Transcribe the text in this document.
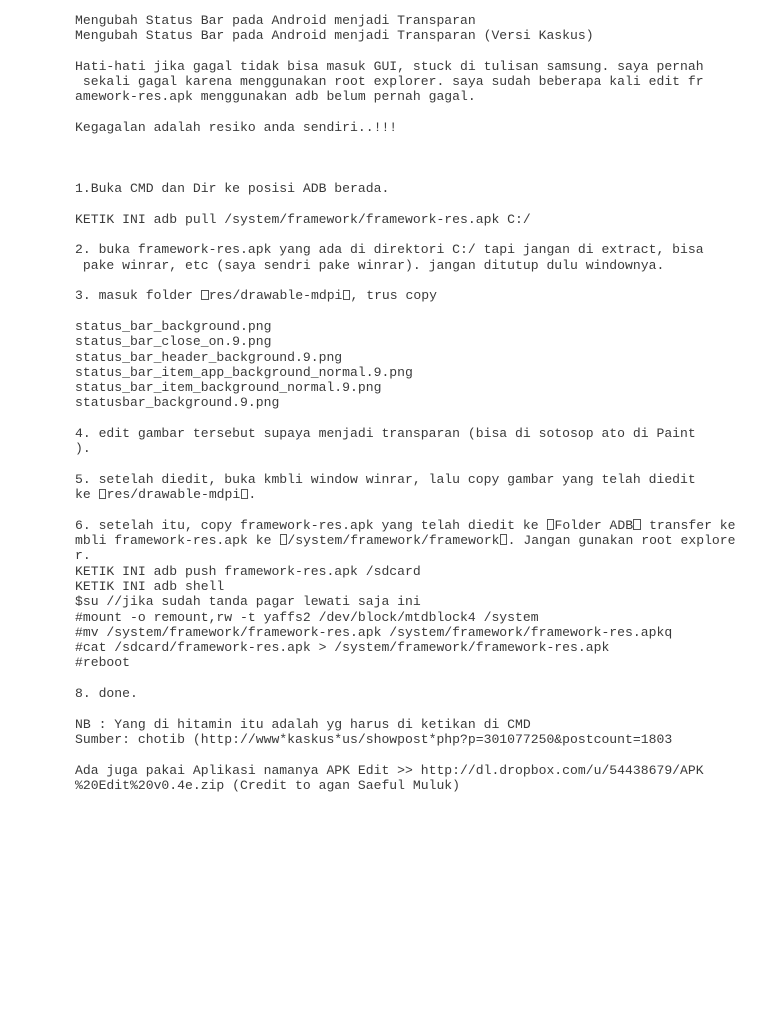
Mengubah Status Bar pada Android menjadi Transparan
Mengubah Status Bar pada Android menjadi Transparan (Versi Kaskus)
Hati-hati jika gagal tidak bisa masuk GUI, stuck di tulisan samsung. saya pernah
sekali gagal karena menggunakan root explorer. saya sudah beberapa kali edit fr
amework-res.apk menggunakan adb belum pernah gagal.
Kegagalan adalah resiko anda sendiri..!!!
1.Buka CMD dan Dir ke posisi ADB berada.
KETIK INI adb pull /system/framework/framework-res.apk C:/
2. buka framework-res.apk yang ada di direktori C:/ tapi jangan di extract, bisa
pake winrar, etc (saya sendri pake winrar). jangan ditutup dulu windownya.
3. masuk folder res/drawable-mdpi , trus copy
status_bar_background.png
status_bar_close_on.9.png
status_bar_header_background.9.png
status_bar_item_app_background_normal.9.png
status_bar_item_background_normal.9.png
statusbar_background.9.png
4. edit gambar tersebut supaya menjadi transparan (bisa di sotosop ato di Paint
).
5. setelah diedit, buka kmbli window winrar, lalu copy gambar yang telah diedit
ke res/drawable-mdpi .
6. setelah itu, copy framework-res.apk yang telah diedit ke Folder ADB transfer ke
mbli framework-res.apk ke /system/framework/framework . Jangan gunakan root explore
r.
KETIK INI adb push framework-res.apk /sdcard
KETIK INI adb shell
$su //jika sudah tanda pagar lewati saja ini
#mount -o remount,rw -t yaffs2 /dev/block/mtdblock4 /system
#mv /system/framework/framework-res.apk /system/framework/framework-res.apkq
#cat /sdcard/framework-res.apk > /system/framework/framework-res.apk
#reboot
8. done.
NB : Yang di hitamin itu adalah yg harus di ketikan di CMD
Sumber: chotib (http://www*kaskus*us/showpost*php?p=301077250&postcount=1803
Ada juga pakai Aplikasi namanya APK Edit >> http://dl.dropbox.com/u/54438679/APK
%20Edit%20v0.4e.zip (Credit to agan Saeful Muluk)
